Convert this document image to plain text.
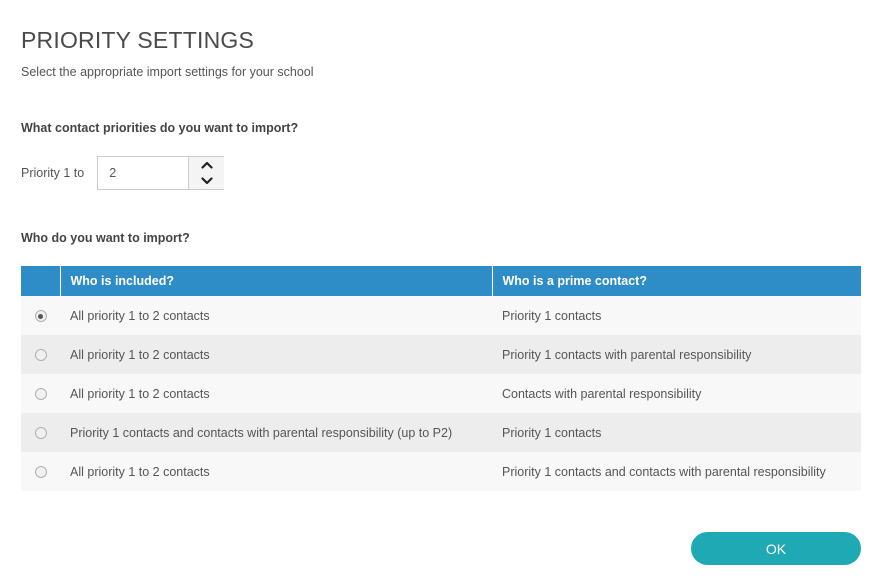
PRIORITY SETTINGS

Select the appropriate import settings for your school

What contact priorities do you want to import?

Priority 1 to
2

Who do you want to import?

	Who is included?	Who is a prime contact?
	All priority 1 to 2 contacts	Priority 1 contacts
	All priority 1 to 2 contacts	Priority 1 contacts with parental responsibility
	All priority 1 to 2 contacts	Contacts with parental responsibility
	Priority 1 contacts and contacts with parental responsibility (up to P2)	Priority 1 contacts
	All priority 1 to 2 contacts	Priority 1 contacts and contacts with parental responsibility
OK
